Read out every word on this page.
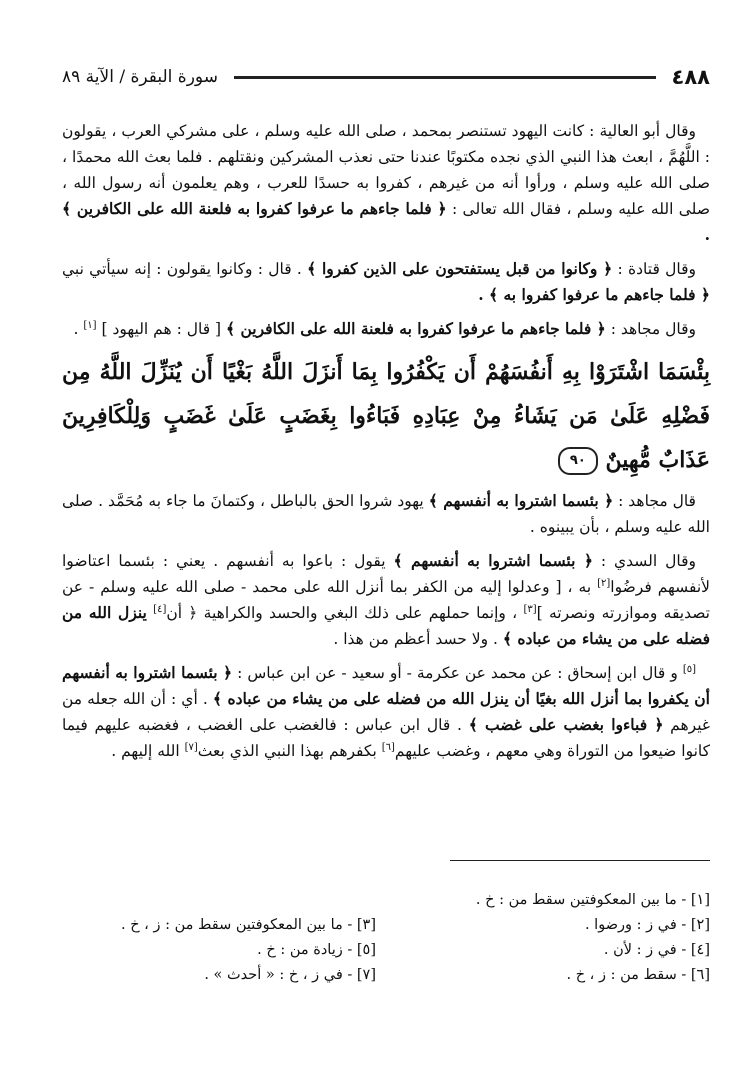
٤٨٨
سورة البقرة / الآية ٨٩

وقال أبو العالية : كانت اليهود تستنصر بمحمد ، صلى الله عليه وسلم ، على مشركي العرب ، يقولون : اللَّهُمَّ ، ابعث هذا النبي الذي نجده مكتوبًا عندنا حتى نعذب المشركين ونقتلهم . فلما بعث الله محمدًا ، صلى الله عليه وسلم ، ورأوا أنه من غيرهم ، كفروا به حسدًا للعرب ، وهم يعلمون أنه رسول الله ، صلى الله عليه وسلم ، فقال الله تعالى : ﴿ فلما جاءهم ما عرفوا كفروا به فلعنة الله على الكافرين ﴾ .

وقال قتادة : ﴿ وكانوا من قبل يستفتحون على الذين كفروا ﴾ . قال : وكانوا يقولون : إنه سيأتي نبي ﴿ فلما جاءهم ما عرفوا كفروا به ﴾ .

وقال مجاهد : ﴿ فلما جاءهم ما عرفوا كفروا به فلعنة الله على الكافرين ﴾ [ قال : هم اليهود ] [١] .

بِئْسَمَا اشْتَرَوْا بِهِ أَنفُسَهُمْ أَن يَكْفُرُوا بِمَا أَنزَلَ اللَّهُ بَغْيًا أَن يُنَزِّلَ اللَّهُ مِن فَضْلِهِ عَلَىٰ مَن يَشَاءُ مِنْ عِبَادِهِ فَبَاءُوا بِغَضَبٍ عَلَىٰ غَضَبٍ وَلِلْكَافِرِينَ عَذَابٌ مُّهِينٌ ٩٠

قال مجاهد : ﴿ بئسما اشتروا به أنفسهم ﴾ يهود شروا الحق بالباطل ، وكتمانَ ما جاء به مُحَمَّد . صلى الله عليه وسلم ، بأن يبينوه .

وقال السدي : ﴿ بئسما اشتروا به أنفسهم ﴾ يقول : باعوا به أنفسهم . يعني : بئسما اعتاضوا لأنفسهم فرضُوا[٢] به ، [ وعدلوا إليه من الكفر بما أنزل الله على محمد - صلى الله عليه وسلم - عن تصديقه وموازرته ونصرته ][٣] ، وإنما حملهم على ذلك البغي والحسد والكراهية ﴿ أن[٤] ينزل الله من فضله على من يشاء من عباده ﴾ . ولا حسد أعظم من هذا .

[٥] و قال ابن إسحاق : عن محمد عن عكرمة - أو سعيد - عن ابن عباس : ﴿ بئسما اشتروا به أنفسهم أن يكفروا بما أنزل الله بغيًا أن ينزل الله من فضله على من يشاء من عباده ﴾ . أي : أن الله جعله من غيرهم ﴿ فباءوا بغضب على غضب ﴾ . قال ابن عباس : فالغضب على الغضب ، فغضبه عليهم فيما كانوا ضيعوا من التوراة وهي معهم ، وغضب عليهم[٦] بكفرهم بهذا النبي الذي بعث[٧] الله إليهم .

[١] - ما بين المعكوفتين سقط من : خ .
[٢] - في ز : ورضوا .
[٣] - ما بين المعكوفتين سقط من : ز ، خ .
[٤] - في ز : لأن .
[٥] - زيادة من : خ .
[٦] - سقط من : ز ، خ .
[٧] - في ز ، خ : « أحدث » .
